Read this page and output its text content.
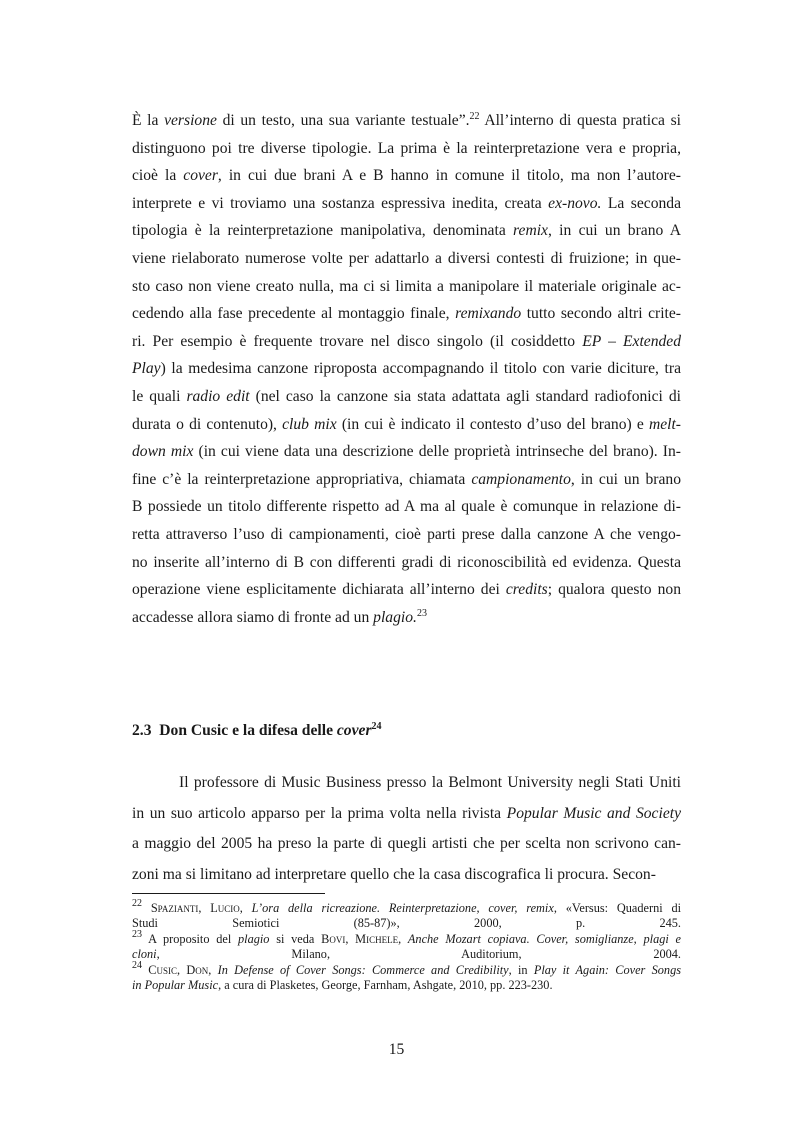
È la versione di un testo, una sua variante testuale”.$^{22}$ All’interno di questa pratica si
distinguono poi tre diverse tipologie. La prima è la reinterpretazione vera e propria,
cioè la cover, in cui due brani A e B hanno in comune il titolo, ma non l’autore-
interprete e vi troviamo una sostanza espressiva inedita, creata ex-novo. La seconda
tipologia è la reinterpretazione manipolativa, denominata remix, in cui un brano A
viene rielaborato numerose volte per adattarlo a diversi contesti di fruizione; in que-
sto caso non viene creato nulla, ma ci si limita a manipolare il materiale originale ac-
cedendo alla fase precedente al montaggio finale, remixando tutto secondo altri crite-
ri. Per esempio è frequente trovare nel disco singolo (il cosiddetto EP – Extended
Play) la medesima canzone riproposta accompagnando il titolo con varie diciture, tra
le quali radio edit (nel caso la canzone sia stata adattata agli standard radiofonici di
durata o di contenuto), club mix (in cui è indicato il contesto d’uso del brano) e melt-
down mix (in cui viene data una descrizione delle proprietà intrinseche del brano). In-
fine c’è la reinterpretazione appropriativa, chiamata campionamento, in cui un brano
B possiede un titolo differente rispetto ad A ma al quale è comunque in relazione di-
retta attraverso l’uso di campionamenti, cioè parti prese dalla canzone A che vengo-
no inserite all’interno di B con differenti gradi di riconoscibilità ed evidenza. Questa
operazione viene esplicitamente dichiarata all’interno dei credits; qualora questo non
accadesse allora siamo di fronte ad un plagio.$^{23}$
2.3 Don Cusic e la difesa delle cover$^{24}$
Il professore di Music Business presso la Belmont University negli Stati Uniti
in un suo articolo apparso per la prima volta nella rivista Popular Music and Society
a maggio del 2005 ha preso la parte di quegli artisti che per scelta non scrivono can-
zoni ma si limitano ad interpretare quello che la casa discografica li procura. Secon-
$^{22}$ Spazianti, Lucio, L’ora della ricreazione. Reinterpretazione, cover, remix, «Versus: Quaderni di
Studi Semiotici (85-87)», 2000, p. 245.
$^{23}$ A proposito del plagio si veda Bovi, Michele, Anche Mozart copiava. Cover, somiglianze, plagi e
cloni, Milano, Auditorium, 2004.
$^{24}$ Cusic, Don, In Defense of Cover Songs: Commerce and Credibility, in Play it Again: Cover Songs
in Popular Music, a cura di Plasketes, George, Farnham, Ashgate, 2010, pp. 223-230.
15
